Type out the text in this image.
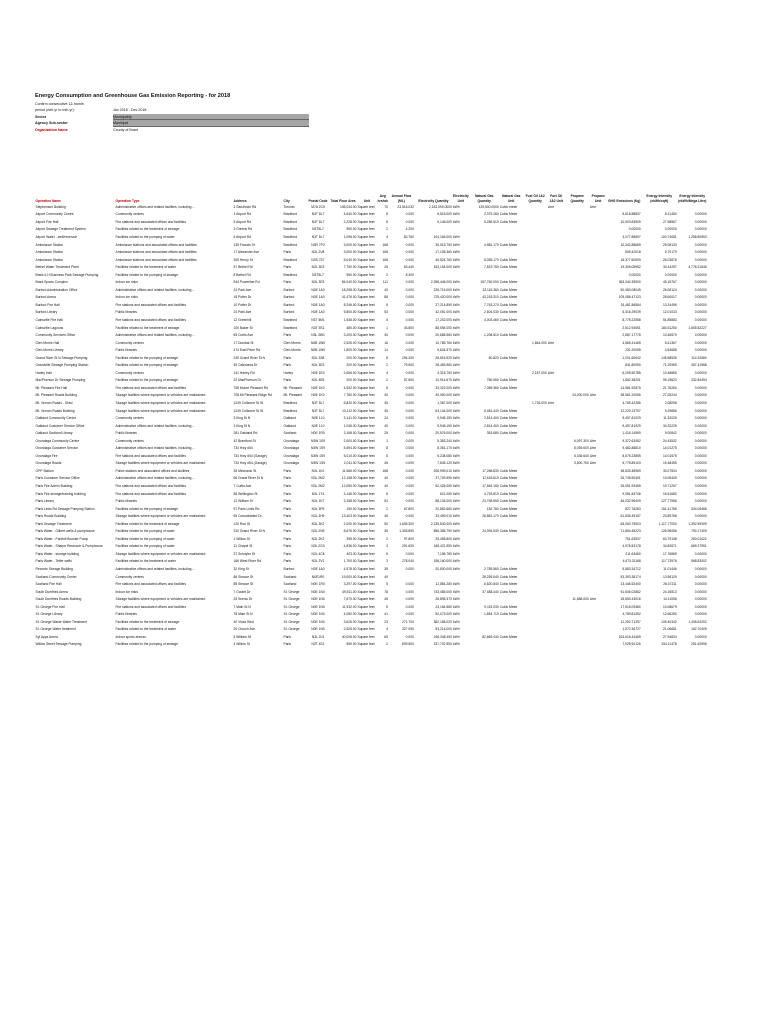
Energy Consumption and Greenhouse Gas Emission Reporting - for 2018
Confirm consecutive 12-month
period (mth-yr to mth-yr):	Jan 2018 - Dec 2018
Sector	Municipality
Agency Sub-sector	Municipal
Organization Name	County of Brant
Operation Name	Operation Type	Address	City	Postal Code	Total Floor Area	Unit	Avg hrs/wk	Annual Flow (ML)	Electricity Quantity	Electricity Unit	Natural Gas Quantity	Natural Gas Unit	Fuel Oil 1&2 Quantity	Fuel Oil 1&2 Unit	Propane Quantity	Propane Unit	GHG Emissions (Kg)	Energy Intensity (ekWh/sqft)	Energy Intensity (ekWh/Mega Litre)
Stephenson Building	Administrative offices and related facilities, including ...	2 Sandholm Rd	Toronto	M7A 2C5	155,034.00	Square feet	70	23,516.032	2,181,090.0000	kWh	125,500.0000	Cubic meter		Litre		Litre			
Airport Community Centre	Community centres	3 Airport Rd	Brantford	N3T 5L7	4,640.00	Square feet	8	0.000	6,515.000	kWh	2,375.260	Cubic Meter					5,815.88837	8.21450	0.00000
Airport Fire Hall	Fire stations and associated offices and facilities	5 Airport Rd	Brantford	N3T 5L7	2,228.00	Square feet	5	0.000	5,146.000	kWh	5,256.510	Cubic Meter					10,003.83509	27.58567	0.00000
Airport Sewage Treatment System	Facilities related to the treatment of sewage	3 Greens Rd	Brantford	N3T5L7	950.00	Square feet	2	4.200									0.00000	0.00000	0.00000
Airport Water - well/reservoir	Facilities related to the pumping of water	6 Airport Rd	Brantford	N3T 5L7	1,096.00	Square feet	4	82.760	104,165.000	kWh							3,077.88697	100.74081	1,258.80593
Ambulance Station	Ambulance stations and associated offices and facilities	135 Francis St	Brantford	N3R 7P2	3,000.00	Square feet	168	0.000	35,015.750	kWh	4,981.170	Cubic Meter					10,342.88669	29.08133	0.00000
Ambulance Station	Ambulance stations and associated offices and facilities	17 Alexander Ave	Paris	N3L 2V8	3,000.00	Square feet	168	0.000	17,105.360	kWh							505.42018	5.70179	0.00000
Ambulance Station	Ambulance stations and associated offices and facilities	305 Henry St	Brantford	N3S 7S7	5,040.00	Square feet	168	0.000	45,524.760	kWh	8,055.170	Cubic Meter					16,377.60509	26.03876	0.00000
Bethel Water Treatment Plant	Facilities related to the treatment of water	57 Bethel Rd	Paris	N3L 3E3	7,750.00	Square feet	25	63.440	153,154.000	kWh	7,819.750	Cubic Meter					19,305.05952	30.44257	4,778.31846
Brant 4-H Business Park Sewage Pumping	Facilities related to the pumping of sewage	8 Bethel Rd	Brantford	N3T5L7	950.00	Square feet	2	8.300									0.00000	0.00000	0.00000
Brant Sports Complex	Indoor ice rinks	944 Powerline Rd	Paris	N3L 3E3	84,040.00	Square feet	111	0.000	2,258,446.000	kWh	157,760.000	Cubic Meter					363,344.35900	45.15767	0.00000
Burford Administration Office	Administrative offices and related facilities, including ...	24 Park Ave	Burford	N0E 1A0	18,258.00	Square feet	40	0.000	226,715.000	kWh	23,115.360	Cubic Meter					50,450.08045	26.08124	0.00000
Burford Arena	Indoor ice rinks	18 Potter Dr	Burford	N0E 1A0	41,476.00	Square feet	88	0.000	725,420.000	kWh	43,218.310	Cubic Meter					105,086.47123	28.60017	0.00000
Burford Fire Hall	Fire stations and associated offices and facilities	10 Potter Dr	Burford	N0E 1A0	8,246.00	Square feet	5	0.000	27,214.890	kWh	7,763.270	Cubic Meter					15,481.56564	13.24496	0.00000
Burford Library	Public libraries	24 Park Ave	Burford	N0E 1A0	5,800.00	Square feet	53	0.000	42,051.000	kWh	2,604.030	Cubic Meter					6,316.29039	12.01033	0.00000
Cainsville Fire Hall	Fire stations and associated offices and facilities	12 Greenhill	Brantford	N3T 5M1	1,536.00	Square feet	5	0.000	17,202.000	kWh	4,003.460	Cubic Meter					8,775.22558	51.85883	0.00000
Cainsville Lagoons	Facilities related to the treatment of sewage	100 Baker St	Brantford	N3T 5S1	480.00	Square feet	1	43.800	88,594.000	kWh							2,612.94051	184.51250	1,805.52227
Community Services Office	Administrative offices and related facilities, including ...	65 Curtis Ave	Paris	N3L 3W1	3,200.00	Square feet	40	0.000	20,686.560	kWh	1,208.610	Cubic Meter					2,887.17778	10.46570	0.00000
Glen Morris Hall	Community centres	17 Dundas St	Glen Morris	N0B 1W0	2,526.00	Square feet	16	0.000	10,785.760	kWh			1,864.000	Litre			4,565.41465	8.41367	0.00000
Glen Morris Library	Public libraries	474 East River Rd	Glen Morris	N0B 1W0	1,800.00	Square feet	14	0.000	5,624.570	kWh							231.20055	4.54688	0.00000
Grand River St N Sewage Pumping	Facilities related to the pumping of sewage	249 Grand River St N	Paris	N3L 3S8	200.00	Square feet	8	294.200	28,516.920	kWh	80.820	Cubic Meter					1,001.60642	145.58535	114.32580
Grandville Sewage Pumping Station	Facilities related to the pumping of sewage	45 Caledonia Dr	Paris	N3L 3E3	200.00	Square feet	2	79.500	28,483.960	kWh							841.80050	71.20969	357.41988
Harley Hall	Community centres	141 Harley Rd	Harley	N0E 1E0	2,656.00	Square feet	4	0.000	4,315.750	kWh			2,187.000	Litre			6,205.50785	10.48865	0.00000
MacPherson Dr Sewage Pumping	Facilities related to the pumping of sewage	22 MacPherson Dr	Paris	N3L 4E6	200.00	Square feet	2	57.800	10,914.670	kWh	780.060	Cubic Meter					1,852.38201	95.19623	332.84494
Mt. Pleasant Fire Hall	Fire stations and associated offices and facilities	708 Mount Pleasant Rd	Mt. Pleasant	N0E 1K0	4,932.00	Square feet	5	0.000	33,322.000	kWh	7,089.360	Cubic Meter					14,581.92875	21.76260	0.00000
Mt. Pleasant Roads Building	Storage facilities where equipment or vehicles are maintained	708 Mt Pleasant Ridge Rd	Mt. Pleasant	N0E 1K0	7,780.00	Square feet	40	0.000	40,050.000	kWh					24,200.000	Litre	38,561.20056	27.05244	0.00000
Mt. Vernon Roads - Shed	Storage facilities where equipment or vehicles are maintained	1249 Colborne St W	Brantford	N3T 5L7	6,820.00	Square feet	45	0.000	1,387.000	kWh			1,726.000	Litre			4,765.42286	2.08098	0.00000
Mt. Vernon Roads Building	Storage facilities where equipment or vehicles are maintained	1249 Colborne St W	Brantford	N3T 5L7	13,112.00	Square feet	45	0.000	63,144.000	kWh	5,481.440	Cubic Meter					12,229.13797	9.29856	0.00000
Oakland Community Centre	Community centres	3 King St N	Oakland	N0E 1L0	3,141.00	Square feet	24	0.000	5,945.150	kWh	2,814.400	Cubic Meter					5,457.81029	11.32025	0.00000
Oakland Customer Service Office	Administrative offices and related facilities, including ...	3 King St N	Oakland	N0E 1L0	1,036.00	Square feet	40	0.000	5,945.150	kWh	2,814.400	Cubic Meter					5,457.81029	34.32225	0.00000
Oakland Scotland Library	Public libraries	281 Oakland Rd	Scotland	N0E 1R0	3,168.00	Square feet	25	0.000	20,576.000	kWh	353.680	Cubic Meter					1,416.14969	9.00842	0.00000
Onondaga Community Centre	Community centres	42 Brantford St	Onondaga	N3W 1S9	2,000.00	Square feet	1	0.000	5,383.240	kWh					6,097.300	Litre	9,372.63452	24.43532	0.00000
Onondaga Customer Service	Administrative offices and related facilities, including ...	734 Hwy #54	Onondaga	N3W 1S9	5,594.00	Square feet	8	0.000	8,361.170	kWh					5,039.600	Litre	9,482.88810	14.01275	0.00000
Onondaga Fire	Fire stations and associated offices and facilities	734 Hwy #54 (Garage)	Onondaga	N3W 1S9	5,010.00	Square feet	5	0.000	5,238.080	kWh					5,336.640	Litre	8,675.23855	14.01575	0.00000
Onondaga Roads	Storage facilities where equipment or vehicles are maintained	734 Hwy #54 (Garage)	Onondaga	N3W 1S9	2,011.00	Square feet	45	0.000	7,845.120	kWh					3,500.750	Litre	5,778.85103	15.48455	0.00000
OPP Station	Police stations and associated offices and facilities	28 Mechanic St	Paris	N3L 1K2	11,566.00	Square feet	168	0.000	208,909.010	kWh	17,268.830	Cubic Meter					38,833.48969	33.07534	0.00000
Paris Customer Service Office	Administrative offices and related facilities, including ...	66 Grand River St N	Paris	N3L 2M2	12,158.00	Square feet	40	0.000	37,703.990	kWh	12,618.810	Cubic Meter					26,745.50401	13.05409	0.00000
Paris Fire Admin Building	Fire stations and associated offices and facilities	7 Curtis Ave	Paris	N3L 2M2	12,050.00	Square feet	40	0.000	62,425.050	kWh	17,564.150	Cubic Meter					35,051.93465	19.71257	0.00000
Paris Fire storage/training building	Fire stations and associated offices and facilities	58 Wellington St	Paris	N3L 1T4	3,146.00	Square feet	5	0.000	621.050	kWh	4,793.810	Cubic Meter					9,081.83746	16.51680	0.00000
Paris Library	Public libraries	12 William St	Paris	N3L 1K7	3,168.00	Square feet	54	0.000	88,134.000	kWh	23,798.650	Cubic Meter					46,032.96409	127.77556	0.00000
Paris Links Rd Sewage Pumping Station	Facilities related to the pumping of sewage	57 Paris Links Rd	Paris	N3L 3P9	150.00	Square feet	2	67.800	20,862.660	kWh	182.780	Cubic Meter					827.76283	151.41766	334.05468
Paris Roads Building	Storage facilities where equipment or vehicles are maintained	65 Consolidated Dr	Paris	N3L 3H5	13,403.00	Square feet	45	0.000	33,459.010	kWh	28,881.170	Cubic Meter					61,835.49157	23.89766	0.00000
Paris Sewage Treatment	Facilities related to the treatment of sewage	120 Rue St	Paris	N3L 3K2	2,000.00	Square feet	50	1,605.300	2,235,540.000	kWh							65,063.79503	1,117.77000	1,392.59309
Paris Water - Gilbert wells & pumphouse	Facilities related to the pumping of water	310 Grand River St N	Paris	N3L 2N9	8,676.00	Square feet	35	1,305.850	856,385.790	kWh	24,094.530	Cubic Meter					71,854.45223	126.96086	790.17409
Paris Water - Parkhill Booster Pump	Facilities related to the pumping of water	1 Willow St	Paris	N3L 2K2	395.00	Square feet	2	97.800	25,455.800	kWh							751.63537	63.79138	260.01022
Paris Water - Sharpe Reservoir & Pumphouse	Facilities related to the pumping of water	11 Chapel St	Paris	N3L 2G3	4,836.00	Square feet	3	251.630	168,421.950	kWh							4,976.53178	34.82671	669.27951
Paris Water - storage building	Storage facilities where equipment or vehicles are maintained	37 Schuyler St	Paris	N3L 4C8	403.00	Square feet	5	0.000	7,156.780	kWh							211.63460	17.76869	0.00000
Paris Water - Telfer wells	Facilities related to the treatment of water	166 West River Rd	Paris	N3L 2V1	1,700.00	Square feet	3	278.040	158,160.000	kWh							4,673.31168	117.73976	568.83002
Records Storage Building	Administrative offices and related facilities, including ...	32 King St	Burford	N0E 1A0	4,578.00	Square feet	35	0.000	20,800.000	kWh	2,785.560	Cubic Meter					5,883.34712	11.01446	0.00000
Scotland Community Center	Community centres	86 Simcoe St	Scotland	N0E1R0	19,000.00	Square feet	40				28,255.540	Cubic Meter					53,393.38174	13.98129	0.00000
Scotland Fire Hall	Fire stations and associated offices and facilities	85 Simcoe St	Scotland	N0E 1R0	3,297.00	Square feet	5	0.000	12,884.280	kWh	6,820.840	Cubic Meter					13,446.52400	26.07211	0.00000
South Dumfries Arena	Indoor ice rinks	7 Goulet Dr	St. George	N0E 1N0	49,511.00	Square feet	78	0.000	743,485.000	kWh	37,488.440	Cubic Meter					91,606.02862	24.16513	0.00000
South Dumfries Roads Building	Storage facilities where equipment or vehicles are maintained	25 Scenic Dr	St. George	N0E 1N0	7,670.00	Square feet	45	0.000	26,895.370	kWh					11,588.000	Litre	18,650.43016	14.11056	0.00000
St. George Fire Hall	Fire stations and associated offices and facilities	7 Main St N	St. George	N0E 1N0	11,932.00	Square feet	5	0.000	23,184.580	kWh	9,119.030	Cubic Meter					17,515.09480	10.08679	0.00000
St. George Library	Public libraries	78 Main St N	St. George	N0E 1N0	4,050.00	Square feet	41	0.000	52,073.000	kWh	1,854.710	Cubic Meter					4,789.81052	12.66280	0.00000
St. George Waste Water Treatment	Facilities related to the treatment of sewage	40 Victor Blvd	St. George	N0E 1N0	3,626.00	Square feet	23	271.700	382,185.020	kWh							11,292.71257	105.40342	1,405.63202
St. George Water treatment	Facilities related to the treatment of water	20 Church Ave	St. George	N0E 1N0	2,526.00	Square feet	4	327.050	53,214.000	kWh							1,572.36727	21.06651	162.70409
Syl Apps Arena	Indoor sports arenas	5 William St	Paris	N3L 2L5	40,006.00	Square feet	65	0.000	248,348.490	kWh	82,669.430	Cubic Meter					163,616.44469	27.94834	0.00000
Willow Street Sewage Pumping	Facilities related to the pumping of sewage	4 Willow St	Paris	N3T 4S1	950.00	Square feet	2	809.500	237,702.950	kWh							7,025.94126	254.11478	261.62996
